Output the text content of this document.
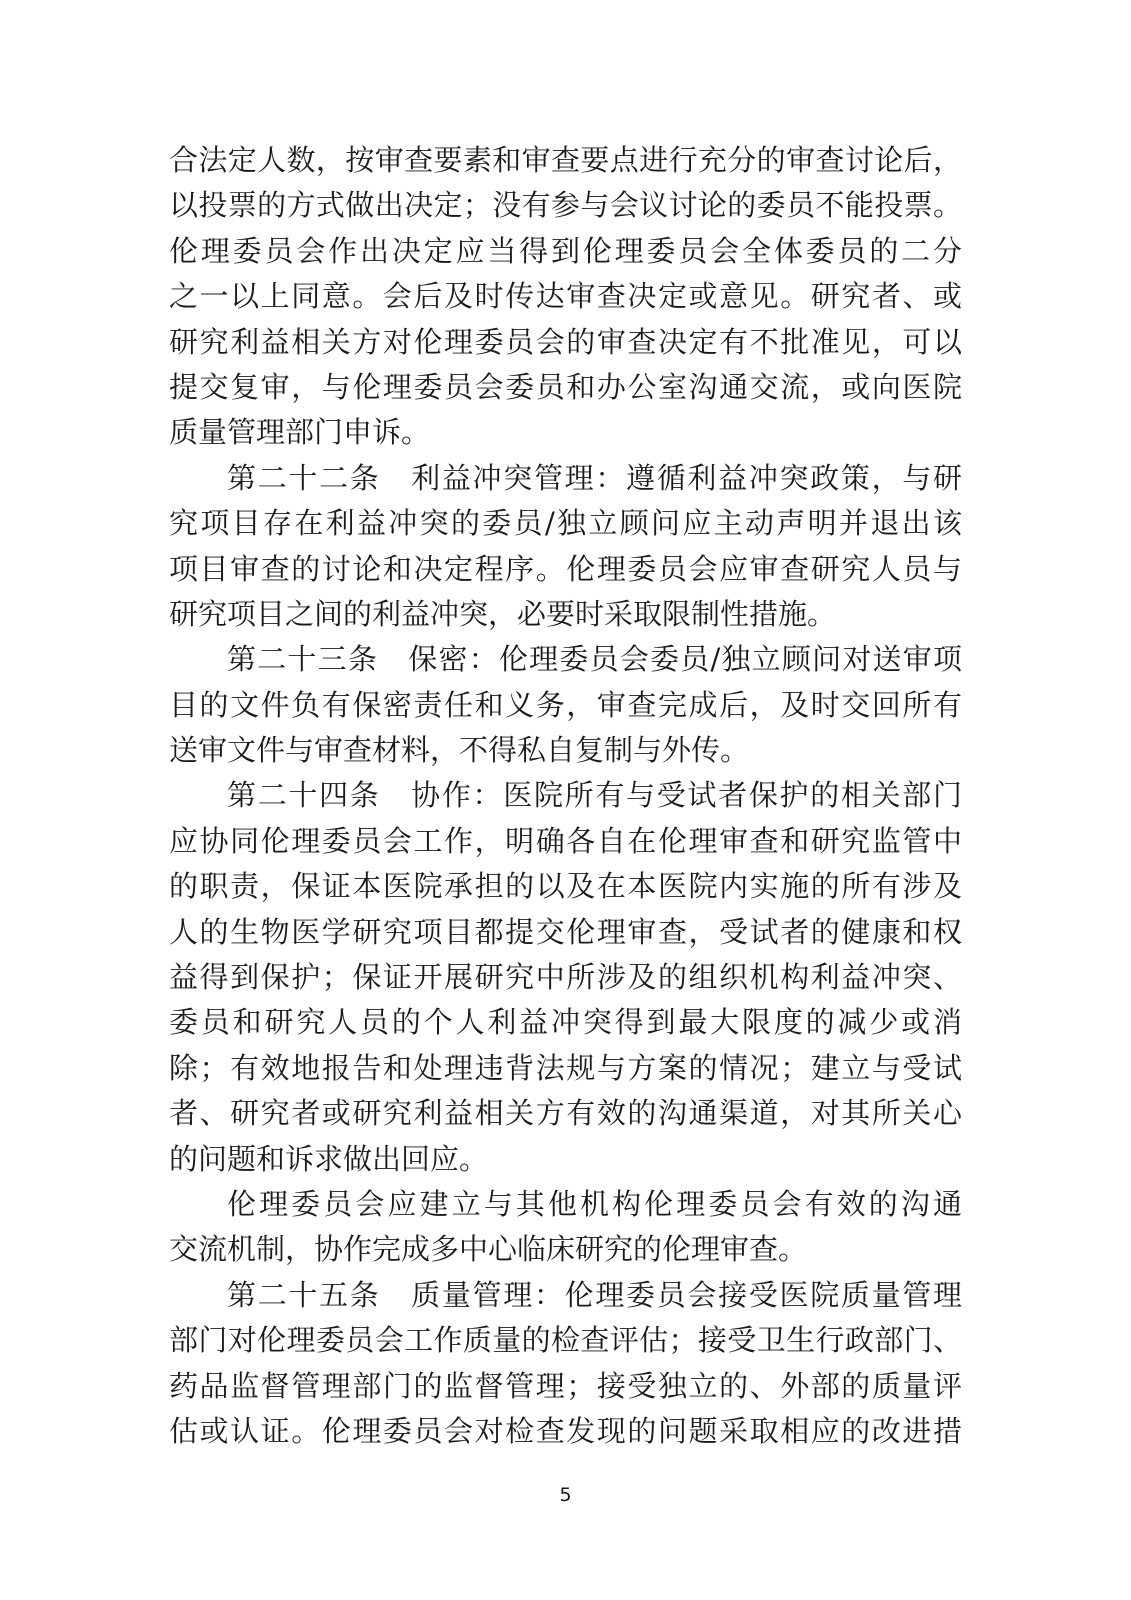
合法定人数，按审查要素和审查要点进行充分的审查讨论后，
以投票的方式做出决定；没有参与会议讨论的委员不能投票。
伦理委员会作出决定应当得到伦理委员会全体委员的二分
之一以上同意。会后及时传达审查决定或意见。研究者、或
研究利益相关方对伦理委员会的审查决定有不批准见，可以
提交复审，与伦理委员会委员和办公室沟通交流，或向医院
质量管理部门申诉。
第二十二条　利益冲突管理：遵循利益冲突政策，与研
究项目存在利益冲突的委员/独立顾问应主动声明并退出该
项目审查的讨论和决定程序。伦理委员会应审查研究人员与
研究项目之间的利益冲突，必要时采取限制性措施。
第二十三条　保密：伦理委员会委员/独立顾问对送审项
目的文件负有保密责任和义务，审查完成后，及时交回所有
送审文件与审查材料，不得私自复制与外传。
第二十四条　协作：医院所有与受试者保护的相关部门
应协同伦理委员会工作，明确各自在伦理审查和研究监管中
的职责，保证本医院承担的以及在本医院内实施的所有涉及
人的生物医学研究项目都提交伦理审查，受试者的健康和权
益得到保护；保证开展研究中所涉及的组织机构利益冲突、
委员和研究人员的个人利益冲突得到最大限度的减少或消
除；有效地报告和处理违背法规与方案的情况；建立与受试
者、研究者或研究利益相关方有效的沟通渠道，对其所关心
的问题和诉求做出回应。
伦理委员会应建立与其他机构伦理委员会有效的沟通
交流机制，协作完成多中心临床研究的伦理审查。
第二十五条　质量管理：伦理委员会接受医院质量管理
部门对伦理委员会工作质量的检查评估；接受卫生行政部门、
药品监督管理部门的监督管理；接受独立的、外部的质量评
估或认证。伦理委员会对检查发现的问题采取相应的改进措
5
